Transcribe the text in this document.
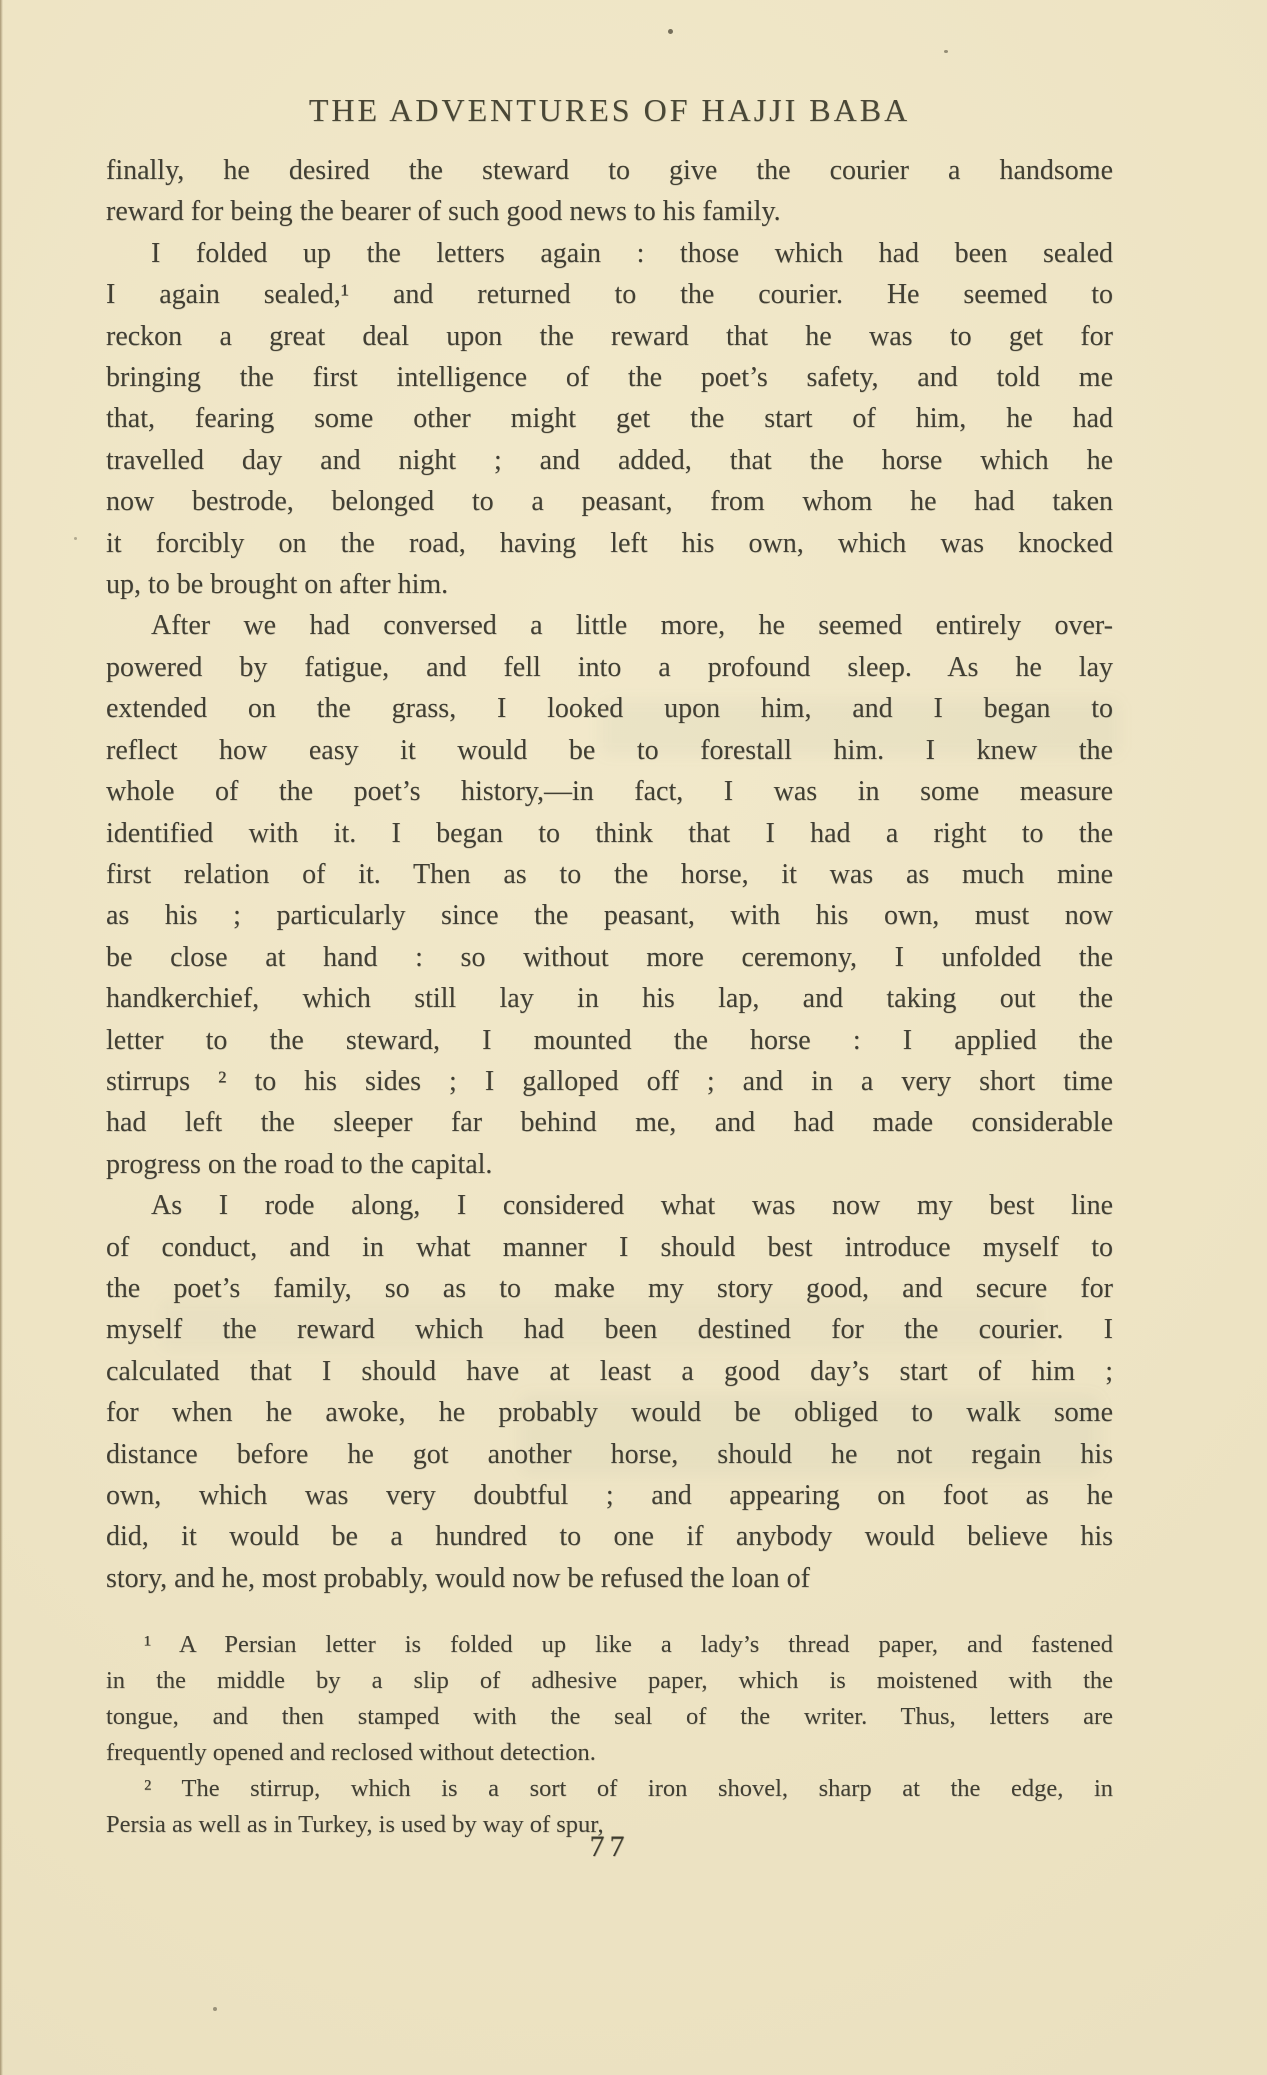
THE ADVENTURES OF HAJJI BABA
finally, he desired the steward to give the courier a handsome
reward for being the bearer of such good news to his family.
I folded up the letters again : those which had been sealed
I again sealed,¹ and returned to the courier. He seemed to
reckon a great deal upon the reward that he was to get for
bringing the first intelligence of the poet’s safety, and told me
that, fearing some other might get the start of him, he had
travelled day and night ; and added, that the horse which he
now bestrode, belonged to a peasant, from whom he had taken
it forcibly on the road, having left his own, which was knocked
up, to be brought on after him.
After we had conversed a little more, he seemed entirely over-
powered by fatigue, and fell into a profound sleep. As he lay
extended on the grass, I looked upon him, and I began to
reflect how easy it would be to forestall him. I knew the
whole of the poet’s history,—in fact, I was in some measure
identified with it. I began to think that I had a right to the
first relation of it. Then as to the horse, it was as much mine
as his ; particularly since the peasant, with his own, must now
be close at hand : so without more ceremony, I unfolded the
handkerchief, which still lay in his lap, and taking out the
letter to the steward, I mounted the horse : I applied the
stirrups ² to his sides ; I galloped off ; and in a very short time
had left the sleeper far behind me, and had made considerable
progress on the road to the capital.
As I rode along, I considered what was now my best line
of conduct, and in what manner I should best introduce myself to
the poet’s family, so as to make my story good, and secure for
myself the reward which had been destined for the courier. I
calculated that I should have at least a good day’s start of him ;
for when he awoke, he probably would be obliged to walk some
distance before he got another horse, should he not regain his
own, which was very doubtful ; and appearing on foot as he
did, it would be a hundred to one if anybody would believe his
story, and he, most probably, would now be refused the loan of
¹ A Persian letter is folded up like a lady’s thread paper, and fastened
in the middle by a slip of adhesive paper, which is moistened with the
tongue, and then stamped with the seal of the writer. Thus, letters are
frequently opened and reclosed without detection.
² The stirrup, which is a sort of iron shovel, sharp at the edge, in
Persia as well as in Turkey, is used by way of spur,
77
